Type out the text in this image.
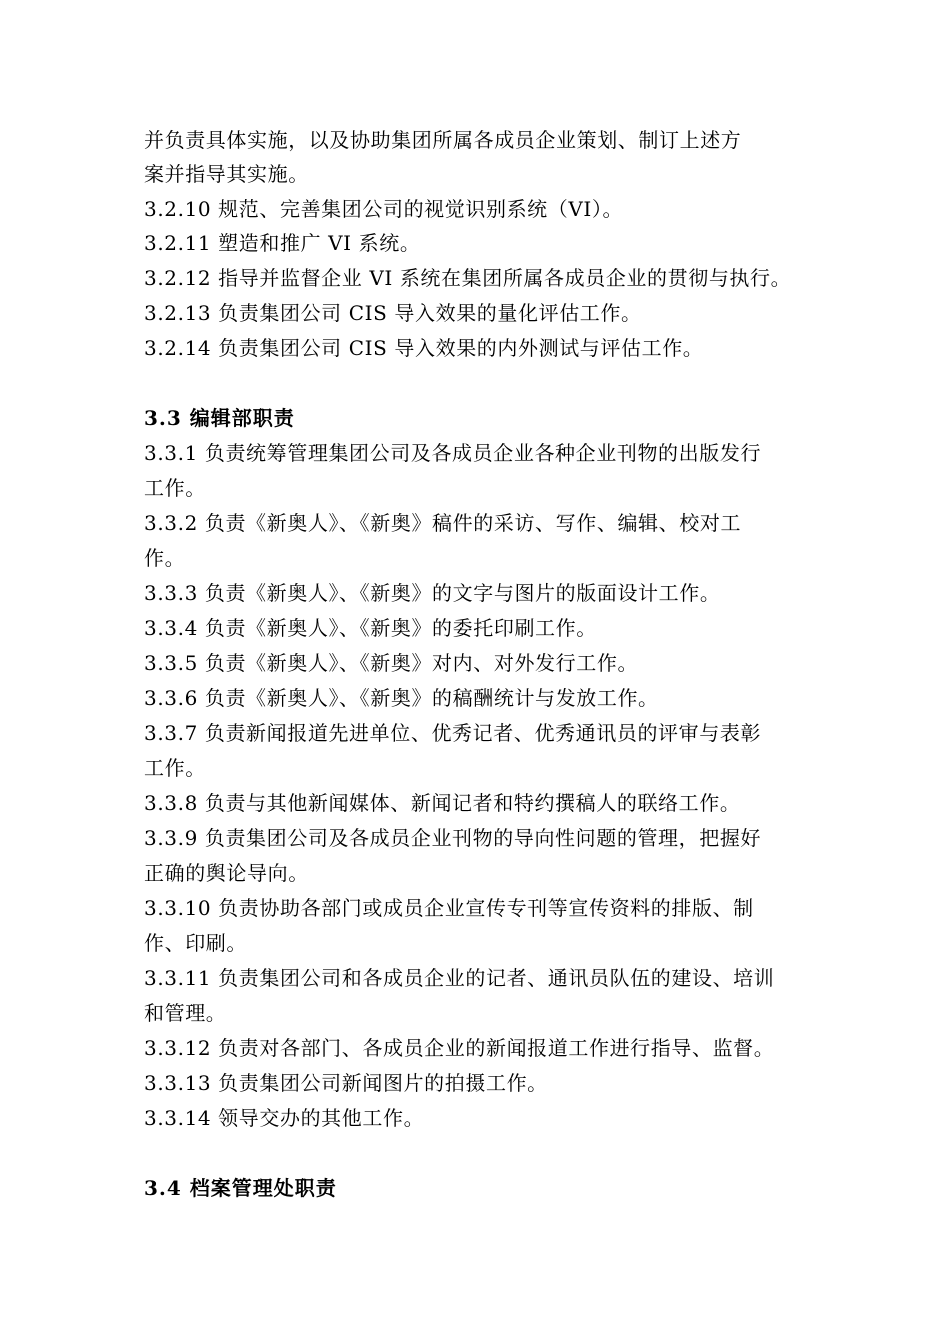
并负责具体实施，以及协助集团所属各成员企业策划、制订上述方
案并指导其实施。
3.2.10 规范、完善集团公司的视觉识别系统（VI）。
3.2.11 塑造和推广 VI 系统。
3.2.12 指导并监督企业 VI 系统在集团所属各成员企业的贯彻与执行。
3.2.13 负责集团公司 CIS 导入效果的量化评估工作。
3.2.14 负责集团公司 CIS 导入效果的内外测试与评估工作。
3.3 编辑部职责
3.3.1 负责统筹管理集团公司及各成员企业各种企业刊物的出版发行
工作。
3.3.2 负责《新奥人》、《新奥》稿件的采访、写作、编辑、校对工
作。
3.3.3 负责《新奥人》、《新奥》的文字与图片的版面设计工作。
3.3.4 负责《新奥人》、《新奥》的委托印刷工作。
3.3.5 负责《新奥人》、《新奥》对内、对外发行工作。
3.3.6 负责《新奥人》、《新奥》的稿酬统计与发放工作。
3.3.7 负责新闻报道先进单位、优秀记者、优秀通讯员的评审与表彰
工作。
3.3.8 负责与其他新闻媒体、新闻记者和特约撰稿人的联络工作。
3.3.9 负责集团公司及各成员企业刊物的导向性问题的管理，把握好
正确的舆论导向。
3.3.10 负责协助各部门或成员企业宣传专刊等宣传资料的排版、制
作、印刷。
3.3.11 负责集团公司和各成员企业的记者、通讯员队伍的建设、培训
和管理。
3.3.12 负责对各部门、各成员企业的新闻报道工作进行指导、监督。
3.3.13 负责集团公司新闻图片的拍摄工作。
3.3.14 领导交办的其他工作。
3.4 档案管理处职责
